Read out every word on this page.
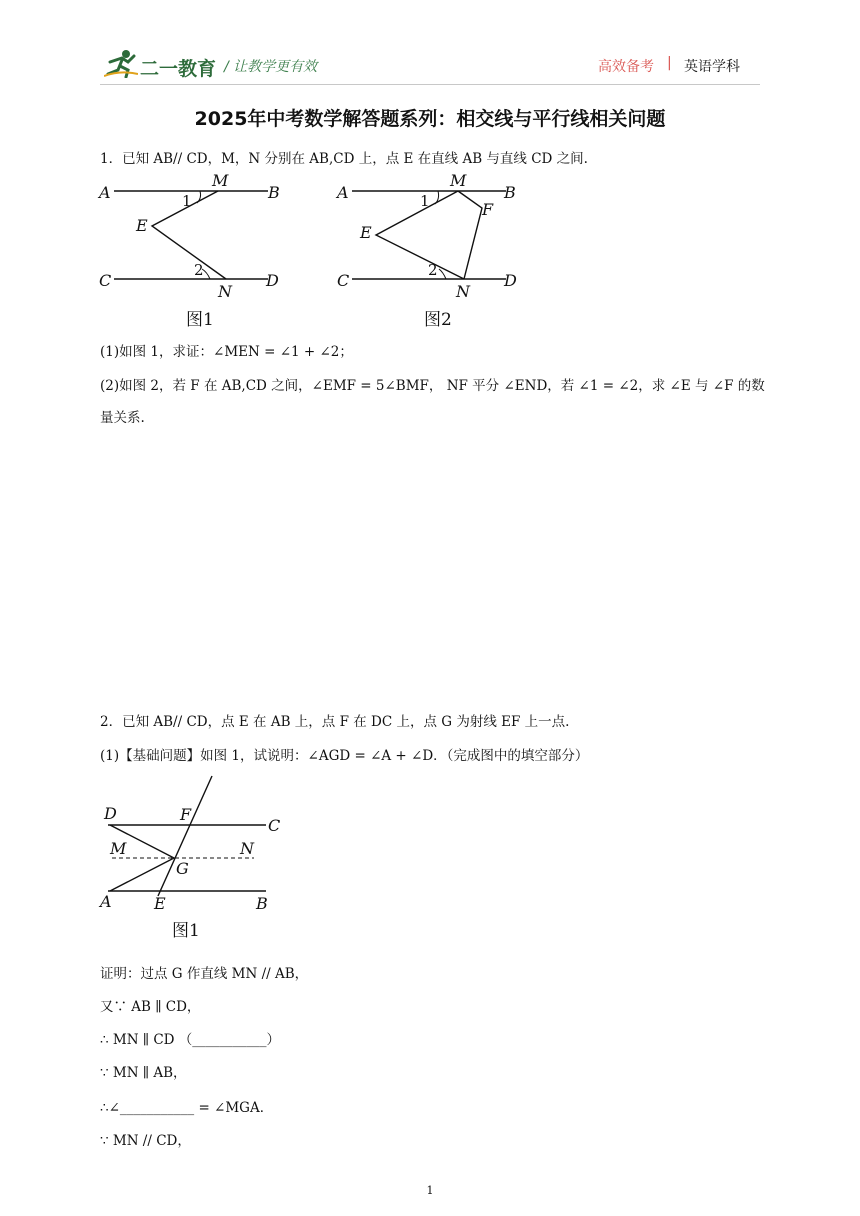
二一教育 / 让教学更有效	高效备考 | 英语学科
2025年中考数学解答题系列：相交线与平行线相关问题
1．已知 AB// CD，M，N 分别在 AB,CD 上，点 E 在直线 AB 与直线 CD 之间.
A
M
B
1
E
2
C
N
D
图1
A
M
B
F
1
E
2
C
N
D
图2
(1)如图 1，求证：∠MEN = ∠1 + ∠2；
(2)如图 2，若 F 在 AB,CD 之间，∠EMF = 5∠BMF， NF 平分 ∠END，若 ∠1 = ∠2，求 ∠E 与 ∠F 的数
量关系.
2．已知 AB// CD，点 E 在 AB 上，点 F 在 DC 上，点 G 为射线 EF 上一点.
(1)【基础问题】如图 1，试说明：∠AGD = ∠A + ∠D．（完成图中的填空部分）
D	F
C
M	N
G
A	E	B
图1
证明：过点 G 作直线 MN // AB，
又∵ AB ∥ CD，
∴ MN ∥ CD （___________）
∵ MN ∥ AB，
∴∠___________ = ∠MGA．
∵ MN // CD，
1
